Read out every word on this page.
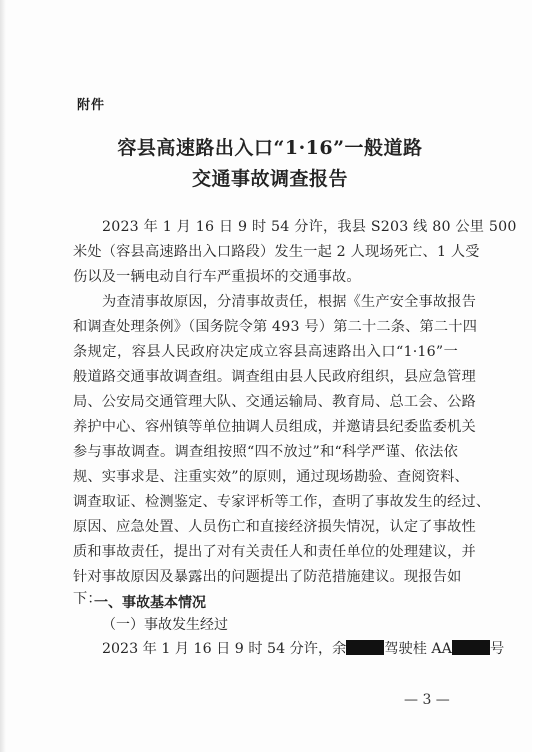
附件
容县高速路出入口“1·16”一般道路
交通事故调查报告
2023 年 1 月 16 日 9 时 54 分许，我县 S203 线 80 公里 500
米处（容县高速路出入口路段）发生一起 2 人现场死亡、1 人受
伤以及一辆电动自行车严重损坏的交通事故。
为查清事故原因，分清事故责任，根据《生产安全事故报告
和调查处理条例》（国务院令第 493 号）第二十二条、第二十四
条规定，容县人民政府决定成立容县高速路出入口“1·16”一
般道路交通事故调查组。调查组由县人民政府组织，县应急管理
局、公安局交通管理大队、交通运输局、教育局、总工会、公路
养护中心、容州镇等单位抽调人员组成，并邀请县纪委监委机关
参与事故调查。调查组按照“四不放过”和“科学严谨、依法依
规、实事求是、注重实效”的原则，通过现场勘验、查阅资料、
调查取证、检测鉴定、专家评析等工作，查明了事故发生的经过、
原因、应急处置、人员伤亡和直接经济损失情况，认定了事故性
质和事故责任，提出了对有关责任人和责任单位的处理建议，并
针对事故原因及暴露出的问题提出了防范措施建议。现报告如
下：
一、事故基本情况
（一）事故发生经过
2023 年 1 月 16 日 9 时 54 分许，余	驾驶桂 AA	号
— 3 —
